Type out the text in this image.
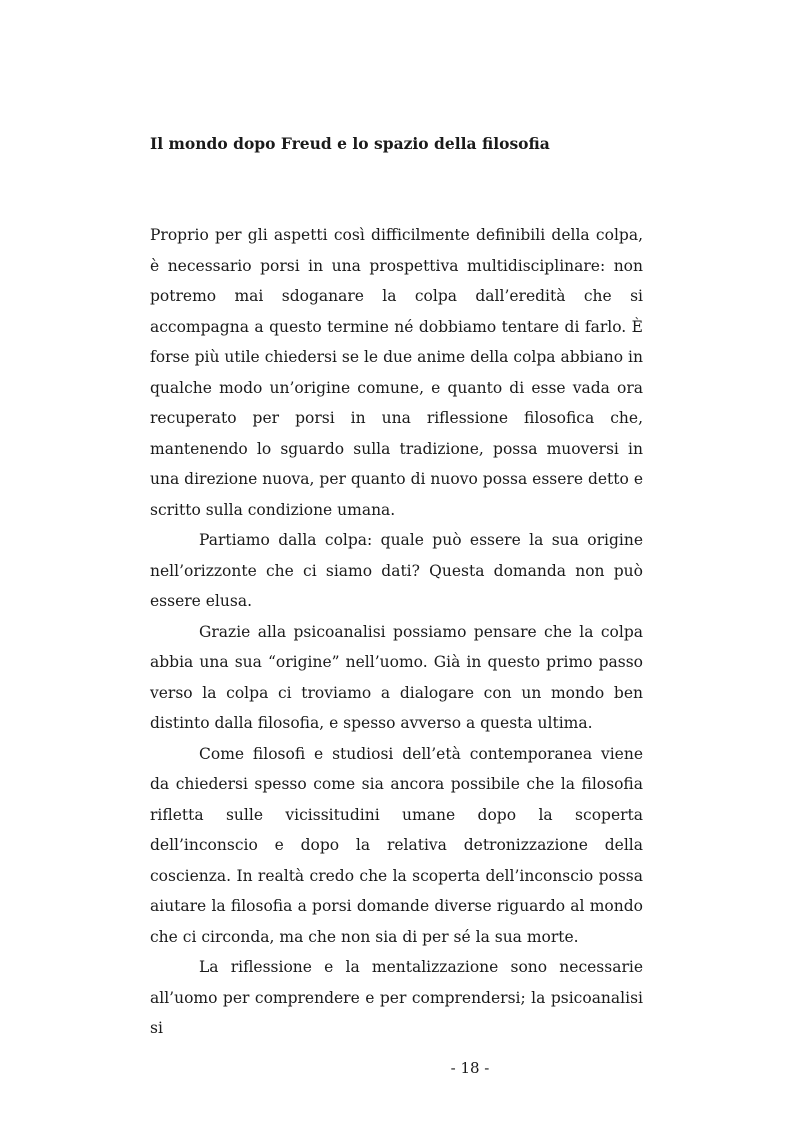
Il mondo dopo Freud e lo spazio della filosofia

Proprio per gli aspetti così difficilmente definibili della colpa, è necessario porsi in una prospettiva multidisciplinare: non potremo mai sdoganare la colpa dall’eredità che si accompagna a questo termine né dobbiamo tentare di farlo. È forse più utile chiedersi se le due anime della colpa abbiano in qualche modo un’origine comune, e quanto di esse vada ora recuperato per porsi in una riflessione filosofica che, mantenendo lo sguardo sulla tradizione, possa muoversi in una direzione nuova, per quanto di nuovo possa essere detto e scritto sulla condizione umana.

Partiamo dalla colpa: quale può essere la sua origine nell’orizzonte che ci siamo dati? Questa domanda non può essere elusa.

Grazie alla psicoanalisi possiamo pensare che la colpa abbia una sua “origine” nell’uomo. Già in questo primo passo verso la colpa ci troviamo a dialogare con un mondo ben distinto dalla filosofia, e spesso avverso a questa ultima.

Come filosofi e studiosi dell’età contemporanea viene da chiedersi spesso come sia ancora possibile che la filosofia rifletta sulle vicissitudini umane dopo la scoperta dell’inconscio e dopo la relativa detronizzazione della coscienza. In realtà credo che la scoperta dell’inconscio possa aiutare la filosofia a porsi domande diverse riguardo al mondo che ci circonda, ma che non sia di per sé la sua morte.

La riflessione e la mentalizzazione sono necessarie all’uomo per comprendere e per comprendersi; la psicoanalisi si

- 18 -
